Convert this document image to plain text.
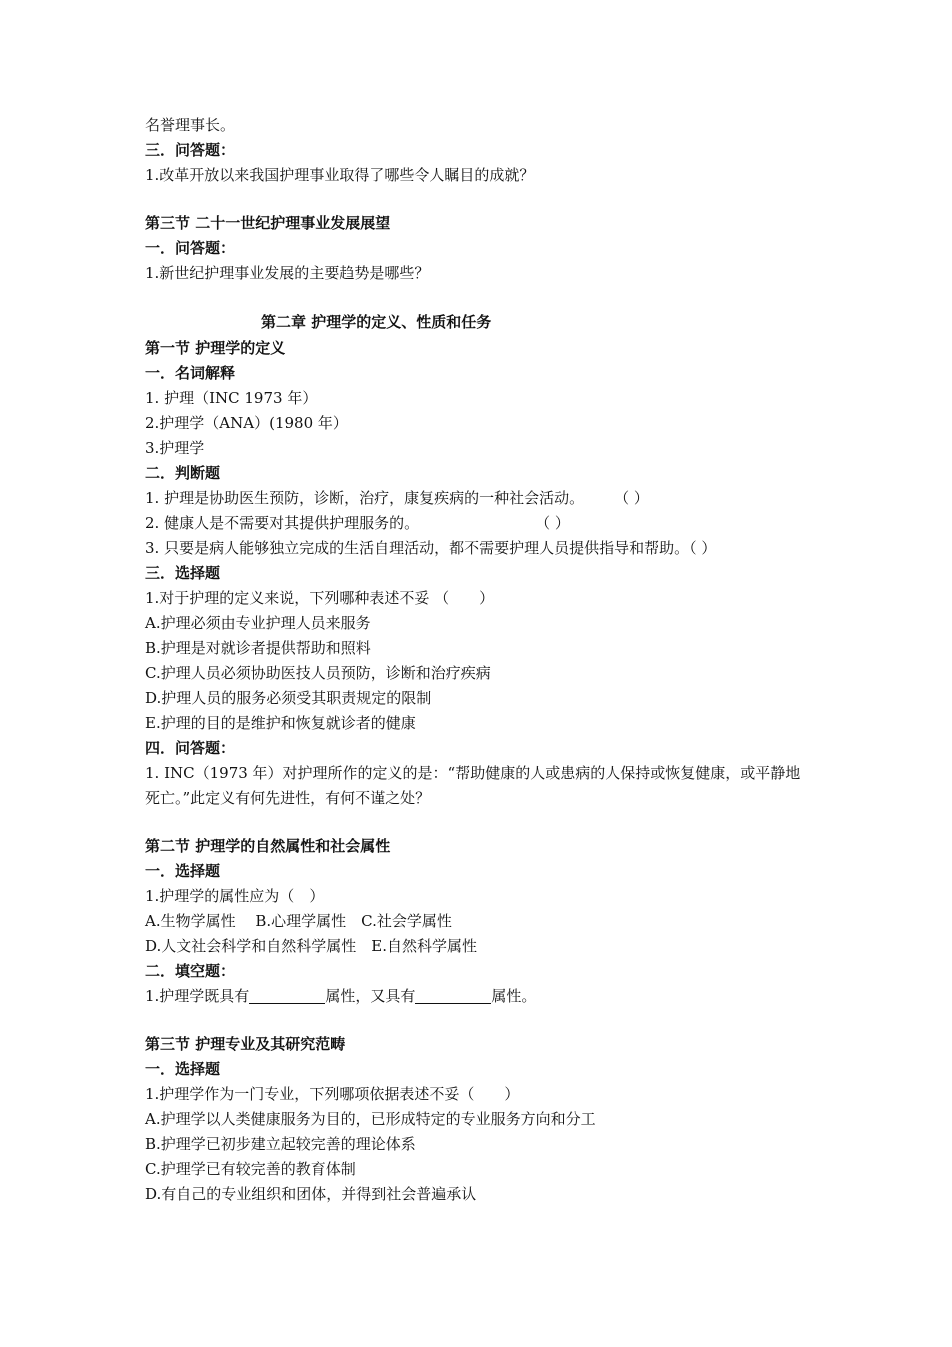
名誉理事长。
三．问答题：
1.改革开放以来我国护理事业取得了哪些令人瞩目的成就？
第三节 二十一世纪护理事业发展展望
一．问答题：
1.新世纪护理事业发展的主要趋势是哪些？
第二章 护理学的定义、性质和任务
第一节 护理学的定义
一．名词解释
1. 护理（INC 1973 年）
2.护理学（ANA）(1980 年）
3.护理学
二．判断题
1. 护理是协助医生预防，诊断，治疗，康复疾病的一种社会活动。 （ ）
2. 健康人是不需要对其提供护理服务的。	（ ）
3. 只要是病人能够独立完成的生活自理活动，都不需要护理人员提供指导和帮助。（ ）
三．选择题
1.对于护理的定义来说，下列哪种表述不妥 （　　）
A.护理必须由专业护理人员来服务
B.护理是对就诊者提供帮助和照料
C.护理人员必须协助医技人员预防，诊断和治疗疾病
D.护理人员的服务必须受其职责规定的限制
E.护理的目的是维护和恢复就诊者的健康
四．问答题：
1. INC（1973 年）对护理所作的定义的是：“帮助健康的人或患病的人保持或恢复健康，或平静地死亡。”此定义有何先进性，有何不谨之处？
第二节 护理学的自然属性和社会属性
一．选择题
1.护理学的属性应为（　）
A.生物学属性　 B.心理学属性　C.社会学属性
D.人文社会科学和自然科学属性　E.自然科学属性
二．填空题：
1.护理学既具有	属性，又具有	属性。
第三节 护理专业及其研究范畴
一．选择题
1.护理学作为一门专业，下列哪项依据表述不妥（　　）
A.护理学以人类健康服务为目的，已形成特定的专业服务方向和分工
B.护理学已初步建立起较完善的理论体系
C.护理学已有较完善的教育体制
D.有自己的专业组织和团体，并得到社会普遍承认
